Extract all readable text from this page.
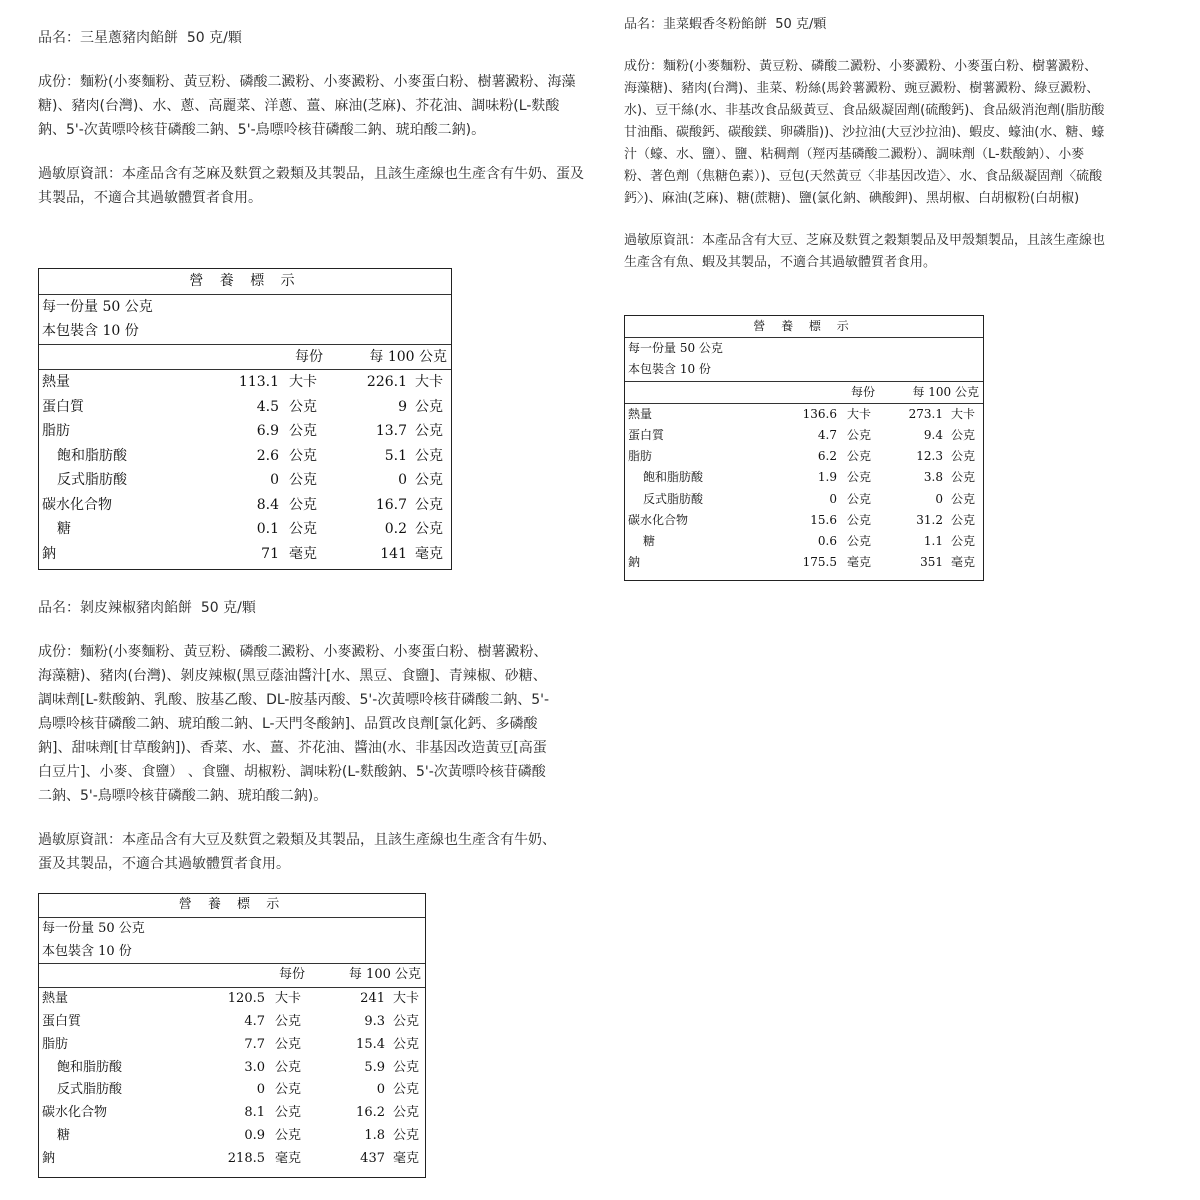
品名：三星蔥豬肉餡餅  50 克/顆

成份：麵粉(小麥麵粉、黃豆粉、磷酸二澱粉、小麥澱粉、小麥蛋白粉、樹薯澱粉、海藻糖)、豬肉(台灣)、水、蔥、高麗菜、洋蔥、薑、麻油(芝麻)、芥花油、調味粉(L-麩酸鈉、5'-次黃嘌呤核苷磷酸二鈉、5'-鳥嘌呤核苷磷酸二鈉、琥珀酸二鈉)。

過敏原資訊：本產品含有芝麻及麩質之穀類及其製品，且該生產線也生產含有牛奶、蛋及其製品，不適合其過敏體質者食用。

營 養 標 示
每一份量 50 公克
本包裝含 10 份
每份	每 100 公克
熱量	113.1 大卡	226.1 大卡
蛋白質	4.5 公克	9 公克
脂肪	6.9 公克	13.7 公克
飽和脂肪酸	2.6 公克	5.1 公克
反式脂肪酸	0 公克	0 公克
碳水化合物	8.4 公克	16.7 公克
糖	0.1 公克	0.2 公克
鈉	71 毫克	141 毫克

品名：韭菜蝦香冬粉餡餅  50 克/顆

成份：麵粉(小麥麵粉、黃豆粉、磷酸二澱粉、小麥澱粉、小麥蛋白粉、樹薯澱粉、海藻糖)、豬肉(台灣)、韭菜、粉絲(馬鈴薯澱粉、豌豆澱粉、樹薯澱粉、綠豆澱粉、水)、豆干絲(水、非基改食品級黃豆、食品級凝固劑(硫酸鈣)、食品級消泡劑(脂肪酸甘油酯、碳酸鈣、碳酸鎂、卵磷脂))、沙拉油(大豆沙拉油)、蝦皮、蠔油(水、糖、蠔汁（蠔、水、鹽）、鹽、粘稠劑（羥丙基磷酸二澱粉）、調味劑（L-麩酸鈉）、小麥粉、著色劑（焦糖色素）)、豆包(天然黃豆〈非基因改造〉、水、食品級凝固劑〈硫酸鈣〉)、麻油(芝麻)、糖(蔗糖)、鹽(氯化鈉、碘酸鉀)、黑胡椒、白胡椒粉(白胡椒)

過敏原資訊：本產品含有大豆、芝麻及麩質之穀類製品及甲殼類製品，且該生產線也生產含有魚、蝦及其製品，不適合其過敏體質者食用。

營 養 標 示
每一份量 50 公克
本包裝含 10 份
每份	每 100 公克
熱量	136.6 大卡	273.1 大卡
蛋白質	4.7 公克	9.4 公克
脂肪	6.2 公克	12.3 公克
飽和脂肪酸	1.9 公克	3.8 公克
反式脂肪酸	0 公克	0 公克
碳水化合物	15.6 公克	31.2 公克
糖	0.6 公克	1.1 公克
鈉	175.5 毫克	351 毫克

品名：剝皮辣椒豬肉餡餅  50 克/顆

成份：麵粉(小麥麵粉、黃豆粉、磷酸二澱粉、小麥澱粉、小麥蛋白粉、樹薯澱粉、海藻糖)、豬肉(台灣)、剝皮辣椒(黑豆蔭油醬汁[水、黑豆、食鹽]、青辣椒、砂糖、調味劑[L-麩酸鈉、乳酸、胺基乙酸、DL-胺基丙酸、5'-次黃嘌呤核苷磷酸二鈉、5'-鳥嘌呤核苷磷酸二鈉、琥珀酸二鈉、L-天門冬酸鈉]、品質改良劑[氯化鈣、多磷酸鈉]、甜味劑[甘草酸鈉])、香菜、水、薑、芥花油、醬油(水、非基因改造黃豆[高蛋白豆片]、小麥、食鹽） 、食鹽、胡椒粉、調味粉(L-麩酸鈉、5'-次黃嘌呤核苷磷酸二鈉、5'-鳥嘌呤核苷磷酸二鈉、琥珀酸二鈉)。

過敏原資訊：本產品含有大豆及麩質之穀類及其製品，且該生產線也生產含有牛奶、蛋及其製品，不適合其過敏體質者食用。

營 養 標 示
每一份量 50 公克
本包裝含 10 份
每份	每 100 公克
熱量	120.5 大卡	241 大卡
蛋白質	4.7 公克	9.3 公克
脂肪	7.7 公克	15.4 公克
飽和脂肪酸	3.0 公克	5.9 公克
反式脂肪酸	0 公克	0 公克
碳水化合物	8.1 公克	16.2 公克
糖	0.9 公克	1.8 公克
鈉	218.5 毫克	437 毫克
